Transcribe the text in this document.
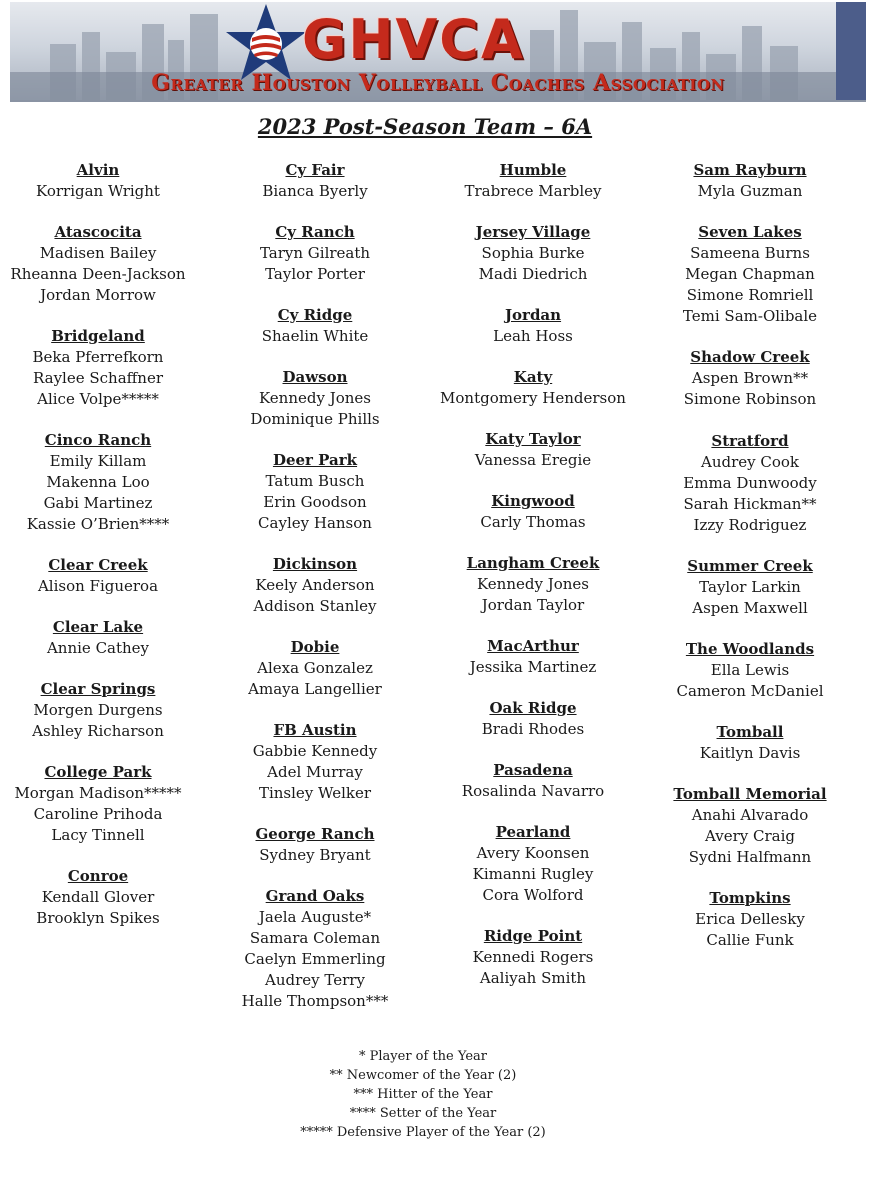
GHVCA
Greater Houston Volleyball Coaches Association
2023 Post-Season Team – 6A
Alvin
Korrigan Wright
Atascocita
Madisen Bailey
Rheanna Deen-Jackson
Jordan Morrow
Bridgeland
Beka Pferrefkorn
Raylee Schaffner
Alice Volpe*****
Cinco Ranch
Emily Killam
Makenna Loo
Gabi Martinez
Kassie O’Brien****
Clear Creek
Alison Figueroa
Clear Lake
Annie Cathey
Clear Springs
Morgen Durgens
Ashley Richarson
College Park
Morgan Madison*****
Caroline Prihoda
Lacy Tinnell
Conroe
Kendall Glover
Brooklyn Spikes
Cy Fair
Bianca Byerly
Cy Ranch
Taryn Gilreath
Taylor Porter
Cy Ridge
Shaelin White
Dawson
Kennedy Jones
Dominique Phills
Deer Park
Tatum Busch
Erin Goodson
Cayley Hanson
Dickinson
Keely Anderson
Addison Stanley
Dobie
Alexa Gonzalez
Amaya Langellier
FB Austin
Gabbie Kennedy
Adel Murray
Tinsley Welker
George Ranch
Sydney Bryant
Grand Oaks
Jaela Auguste*
Samara Coleman
Caelyn Emmerling
Audrey Terry
Halle Thompson***
Humble
Trabrece Marbley
Jersey Village
Sophia Burke
Madi Diedrich
Jordan
Leah Hoss
Katy
Montgomery Henderson
Katy Taylor
Vanessa Eregie
Kingwood
Carly Thomas
Langham Creek
Kennedy Jones
Jordan Taylor
MacArthur
Jessika Martinez
Oak Ridge
Bradi Rhodes
Pasadena
Rosalinda Navarro
Pearland
Avery Koonsen
Kimanni Rugley
Cora Wolford
Ridge Point
Kennedi Rogers
Aaliyah Smith
Sam Rayburn
Myla Guzman
Seven Lakes
Sameena Burns
Megan Chapman
Simone Romriell
Temi Sam-Olibale
Shadow Creek
Aspen Brown**
Simone Robinson
Stratford
Audrey Cook
Emma Dunwoody
Sarah Hickman**
Izzy Rodriguez
Summer Creek
Taylor Larkin
Aspen Maxwell
The Woodlands
Ella Lewis
Cameron McDaniel
Tomball
Kaitlyn Davis
Tomball Memorial
Anahi Alvarado
Avery Craig
Sydni Halfmann
Tompkins
Erica Dellesky
Callie Funk
* Player of the Year
** Newcomer of the Year (2)
*** Hitter of the Year
**** Setter of the Year
***** Defensive Player of the Year (2)
